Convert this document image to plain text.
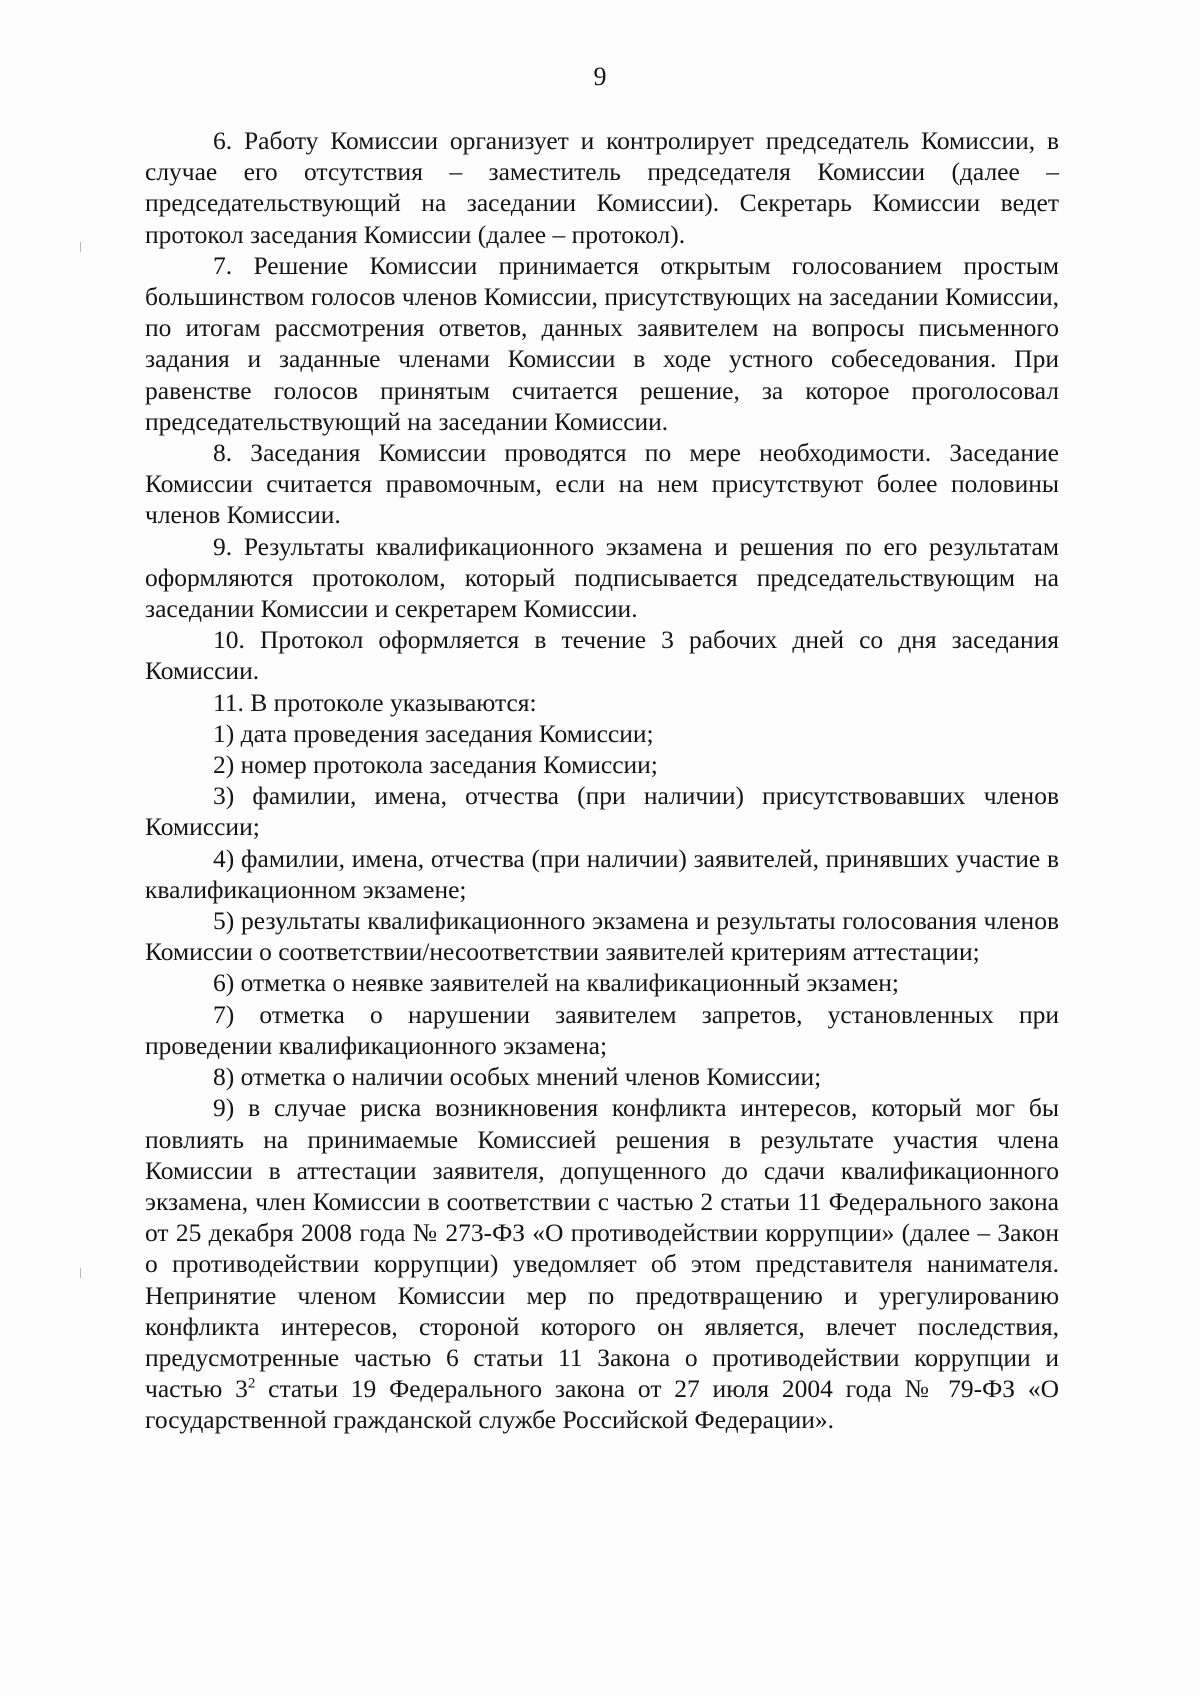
9

6. Работу Комиссии организует и контролирует председатель Комиссии, в случае его отсутствия – заместитель председателя Комиссии (далее – председательствующий на заседании Комиссии). Секретарь Комиссии ведет протокол заседания Комиссии (далее – протокол).

7. Решение Комиссии принимается открытым голосованием простым большинством голосов членов Комиссии, присутствующих на заседании Комиссии, по итогам рассмотрения ответов, данных заявителем на вопросы письменного задания и заданные членами Комиссии в ходе устного собеседования. При равенстве голосов принятым считается решение, за которое проголосовал председательствующий на заседании Комиссии.

8. Заседания Комиссии проводятся по мере необходимости. Заседание Комиссии считается правомочным, если на нем присутствуют более половины членов Комиссии.

9. Результаты квалификационного экзамена и решения по его результатам оформляются протоколом, который подписывается председательствующим на заседании Комиссии и секретарем Комиссии.

10. Протокол оформляется в течение 3 рабочих дней со дня заседания Комиссии.

11. В протоколе указываются:

1) дата проведения заседания Комиссии;

2) номер протокола заседания Комиссии;

3) фамилии, имена, отчества (при наличии) присутствовавших членов Комиссии;

4) фамилии, имена, отчества (при наличии) заявителей, принявших участие в квалификационном экзамене;

5) результаты квалификационного экзамена и результаты голосования членов Комиссии о соответствии/несоответствии заявителей критериям аттестации;

6) отметка о неявке заявителей на квалификационный экзамен;

7) отметка о нарушении заявителем запретов, установленных при проведении квалификационного экзамена;

8) отметка о наличии особых мнений членов Комиссии;

9) в случае риска возникновения конфликта интересов, который мог бы повлиять на принимаемые Комиссией решения в результате участия члена Комиссии в аттестации заявителя, допущенного до сдачи квалификационного экзамена, член Комиссии в соответствии с частью 2 статьи 11 Федерального закона от 25 декабря 2008 года № 273-ФЗ «О противодействии коррупции» (далее – Закон о противодействии коррупции) уведомляет об этом представителя нанимателя. Непринятие членом Комиссии мер по предотвращению и урегулированию конфликта интересов, стороной которого он является, влечет последствия, предусмотренные частью 6 статьи 11 Закона о противодействии коррупции и частью $3^2$ статьи 19 Федерального закона от 27 июля 2004 года № 79-ФЗ «О государственной гражданской службе Российской Федерации».
